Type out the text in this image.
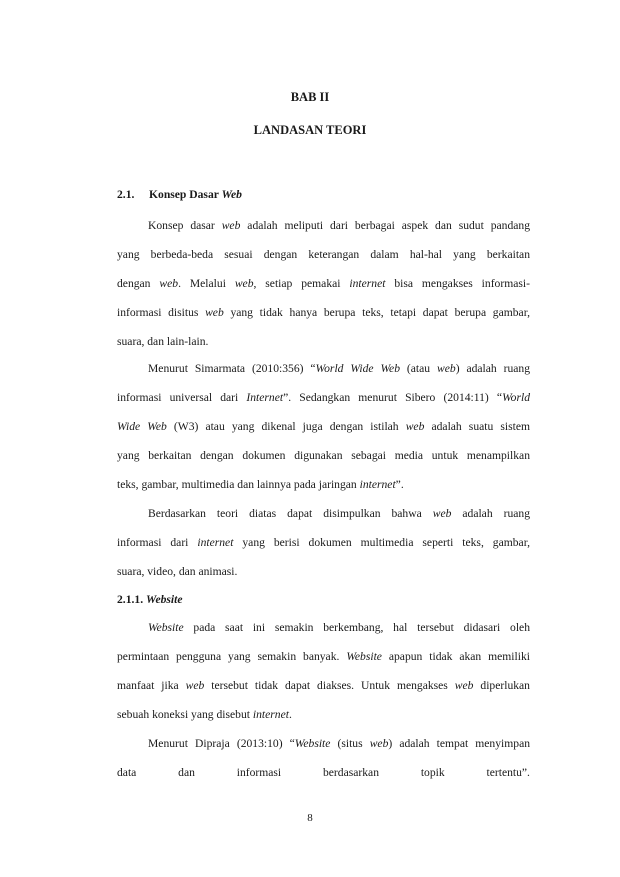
BAB II
LANDASAN TEORI
2.1. Konsep Dasar Web
Konsep dasar web adalah meliputi dari berbagai aspek dan sudut pandang
yang berbeda-beda sesuai dengan keterangan dalam hal-hal yang berkaitan
dengan web. Melalui web, setiap pemakai internet bisa mengakses informasi-
informasi disitus web yang tidak hanya berupa teks, tetapi dapat berupa gambar,
suara, dan lain-lain.
Menurut Simarmata (2010:356) “World Wide Web (atau web) adalah ruang
informasi universal dari Internet”. Sedangkan menurut Sibero (2014:11) “World
Wide Web (W3) atau yang dikenal juga dengan istilah web adalah suatu sistem
yang berkaitan dengan dokumen digunakan sebagai media untuk menampilkan
teks, gambar, multimedia dan lainnya pada jaringan internet”.
Berdasarkan teori diatas dapat disimpulkan bahwa web adalah ruang
informasi dari internet yang berisi dokumen multimedia seperti teks, gambar,
suara, video, dan animasi.
2.1.1. Website
Website pada saat ini semakin berkembang, hal tersebut didasari oleh
permintaan pengguna yang semakin banyak. Website apapun tidak akan memiliki
manfaat jika web tersebut tidak dapat diakses. Untuk mengakses web diperlukan
sebuah koneksi yang disebut internet.
Menurut Dipraja (2013:10) “Website (situs web) adalah tempat menyimpan
data	dan	informasi	berdasarkan	topik	tertentu”.
8
